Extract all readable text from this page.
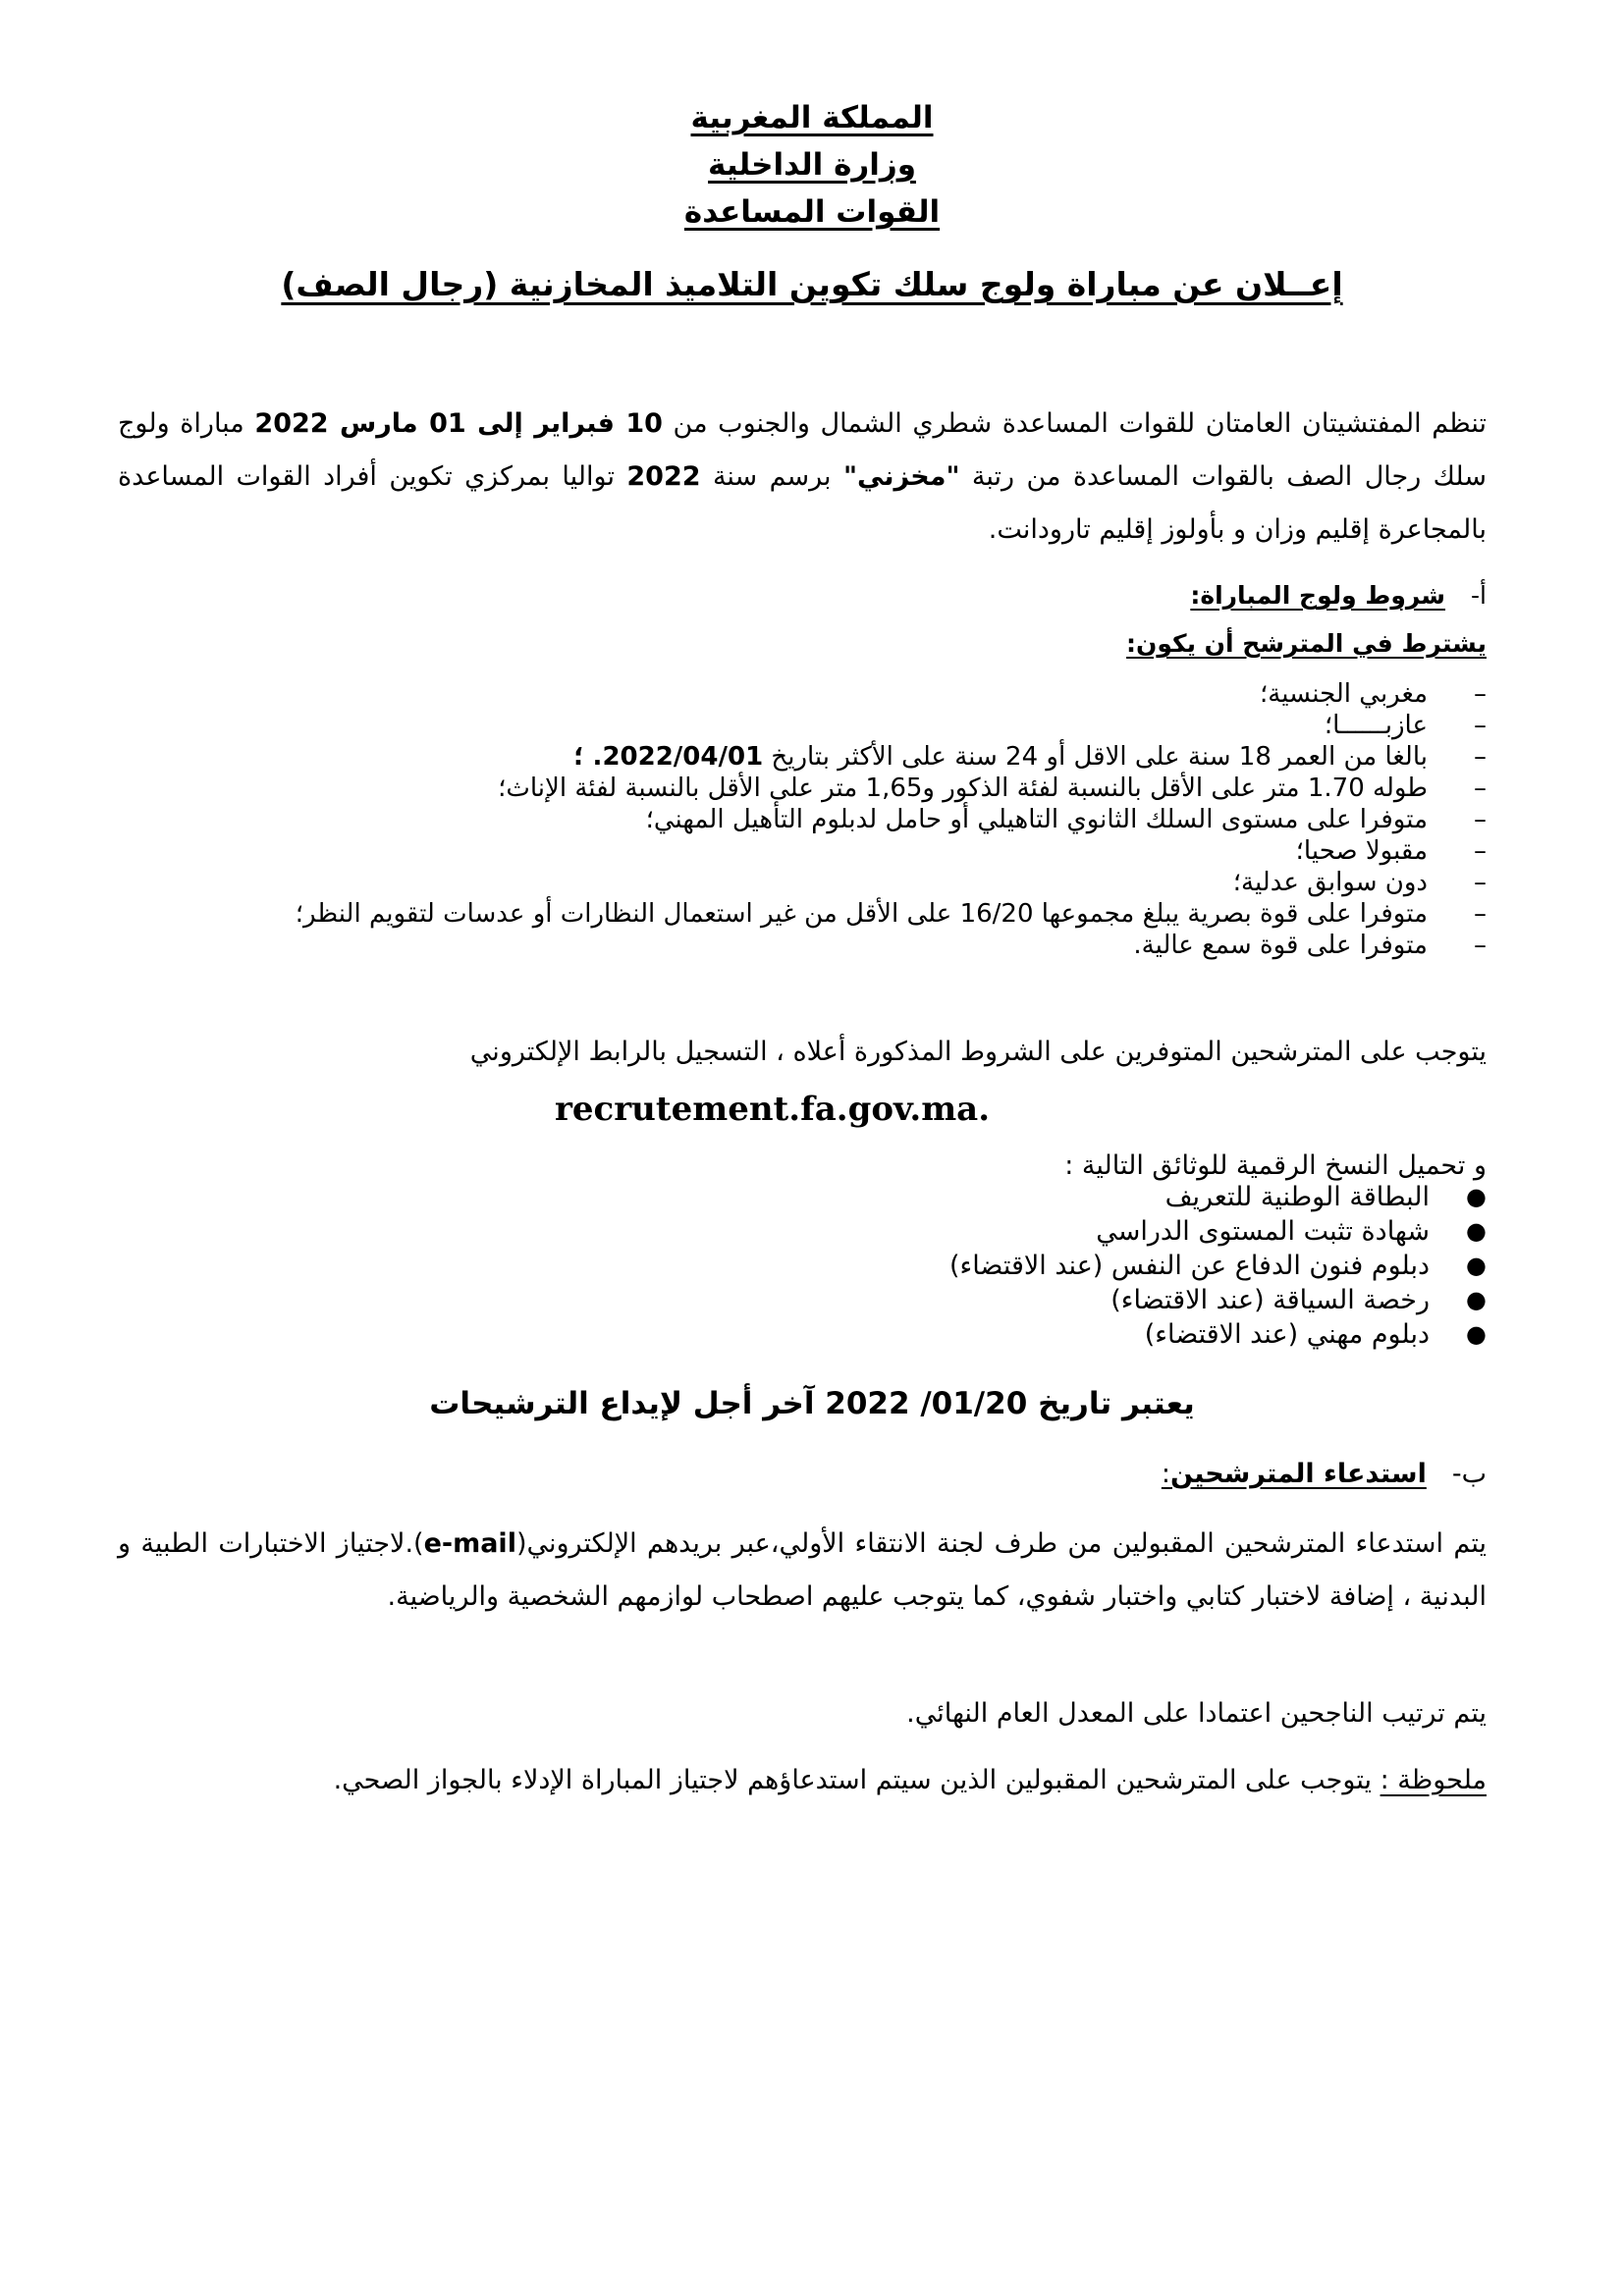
المملكة المغربية
وزارة الداخلية
القوات المساعدة
إعــلان عن مباراة ولوج سلك تكوين التلاميذ المخازنية (رجال الصف)
تنظم المفتشيتان العامتان للقوات المساعدة شطري الشمال والجنوب من 10 فبراير إلى 01 مارس 2022 مباراة ولوج سلك رجال الصف بالقوات المساعدة من رتبة "مخزني" برسم سنة 2022 تواليا بمركزي تكوين أفراد القوات المساعدة بالمجاعرة إقليم وزان و بأولوز إقليم تارودانت.
أ-شروط ولوج المباراة:
يشترط في المترشح أن يكون:
–
مغربي الجنسية؛
–
عازبــــــا؛
–
بالغا من العمر 18 سنة على الاقل أو 24 سنة على الأكثر بتاريخ 2022/04/01. ؛
–
طوله 1.70 متر على الأقل بالنسبة لفئة الذكور و1,65 متر على الأقل بالنسبة لفئة الإناث؛
–
متوفرا على مستوى السلك الثانوي التاهيلي أو حامل لدبلوم التأهيل المهني؛
–
مقبولا صحيا؛
–
دون سوابق عدلية؛
–
متوفرا على قوة بصرية يبلغ مجموعها 16/20 على الأقل من غير استعمال النظارات أو عدسات لتقويم النظر؛
–
متوفرا على قوة سمع عالية.
يتوجب على المترشحين المتوفرين على الشروط المذكورة أعلاه ، التسجيل بالرابط الإلكتروني
recrutement.fa.gov.ma.
و تحميل النسخ الرقمية للوثائق التالية :
●
البطاقة الوطنية للتعريف
●
شهادة تثبت المستوى الدراسي
●
دبلوم فنون الدفاع عن النفس (عند الاقتضاء)
●
رخصة السياقة (عند الاقتضاء)
●
دبلوم مهني (عند الاقتضاء)
يعتبر تاريخ 01/20/ 2022 آخر أجل لإيداع الترشيحات
ب-استدعاء المترشحين:
يتم استدعاء المترشحين المقبولين من طرف لجنة الانتقاء الأولي،عبر بريدهم الإلكتروني(e-mail).لاجتياز الاختبارات الطبية و البدنية ، إضافة لاختبار كتابي واختبار شفوي، كما يتوجب عليهم اصطحاب لوازمهم الشخصية والرياضية.
يتم ترتيب الناجحين اعتمادا على المعدل العام النهائي.
ملحوظة : يتوجب على المترشحين المقبولين الذين سيتم استدعاؤهم لاجتياز المباراة الإدلاء بالجواز الصحي.
